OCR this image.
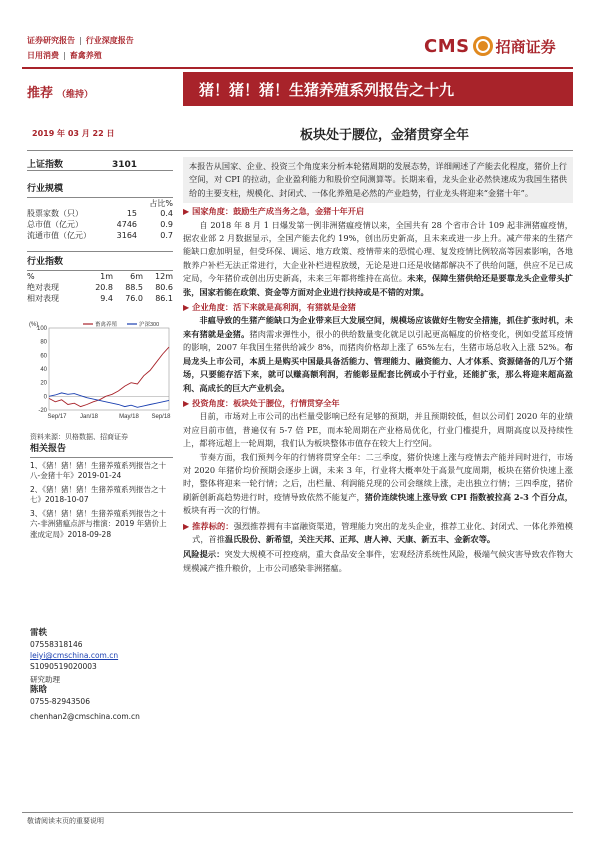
证券研究报告 | 行业深度报告
日用消费 | 畜禽养殖	CMS 招商证券
推荐 （维持）	猪！猪！猪！生猪养殖系列报告之十九
2019 年 03 月 22 日	板块处于腰位，金猪贯穿全年
上证指数	3101
行业规模
占比%
股票家数（只）	15	0.4
总市值（亿元）	4746	0.9
流通市值（亿元）	3164	0.7
行业指数
%	1m	6m	12m
绝对表现	20.8	88.5	80.6
相对表现	9.4	76.0	86.1
100
80
60
40
20
0
-20
(%)
Sep/17 Jan/18	May/18 Sep/18
畜禽养殖	沪深300
资料来源：贝格数据、招商证券
相关报告
1、《猪！猪！猪！生猪养殖系列报告之十八-金猪十年》2019-01-24
2、《猪！猪！猪！生猪养殖系列报告之十七》2018-10-07
3、《猪！猪！猪！生猪养殖系列报告之十六-非洲猪瘟点評与推演：2019 年猪价上涨成定局》2018-09-28
雷轶
07558318146
leiyi@cmschina.com.cn
S1090519020003
研究助理
陈晗
0755-82943506
chenhan2@cmschina.com.cn
本报告从国家、企业、投资三个角度来分析本轮猪周期的发展态势，详细阐述了产能去化程度，猪价上行空间，对 CPI 的拉动，企业盈利能力和股价空间测算等。长期来看，龙头企业必然快速成为我国生猪供给的主要支柱，规模化、封闭式、一体化养殖是必然的产业趋势，行业龙头将迎来“金猪十年”。
▶ 国家角度：鼓励生产成当务之急，金猪十年开启
自 2018 年 8 月 1 日爆发第一例非洲猪瘟疫情以来，全国共有 28 个省市合计 109 起非洲猪瘟疫情，据农业部 2 月数据显示，全国产能去化约 19%，创出历史新高，且未来或进一步上升。减产带来的生猪产能缺口愈加明显，但受环保、调运、地方政策、疫情带来的恐慌心理、复发疫情比例较高等因素影响，各地散养户补栏无法正常进行，大企业补栏进程放缓，无论是进口还是收储都解决不了供给问题，供应不足已成定局，今年猪价或创出历史新高，未来三年都将维持在高位。未来，保障生猪供给还是要靠龙头企业带头扩张，国家若能在政策、资金等方面对企业进行扶持或是不错的对策。
▶ 企业角度：活下来就是高利润，有猪就是金猪
非瘟导致的生猪产能缺口为企业带来巨大发展空间，规模场应该做好生物安全措施，抓住扩张时机，未来有猪就是金猪。猪肉需求弹性小，很小的供给数量变化就足以引起更高幅度的价格变化，例如受蓝耳疫情的影响，2007 年我国生猪供给减少 8%，而猪肉价格却上涨了 65%左右，生猪市场总收入上涨 52%。布局龙头上市公司，本质上是购买中国最具备活能力、管理能力、融资能力、人才体系、资源储备的几万个猪场，只要能存活下来，就可以赚高额利润，若能彰显配套比例或小于行业，还能扩张，那么将迎来超高盈利、高成长的巨大产业机会。
▶ 投资角度：板块处于腰位，行情贯穿全年
目前，市场对上市公司的出栏量受影响已经有足够的预期，并且预期较低，但以公司们 2020 年的业绩对应目前市值，普遍仅有 5-7 倍 PE，而本轮周期在产业格局优化，行业门槛提升，周期高度以及持续性上，都将远超上一轮周期，我们认为板块整体市值存在较大上行空间。
节奏方面，我们预判今年的行情将贯穿全年：二三季度，猪价快速上涨与疫情去产能并同时进行，市场对 2020 年猪价均价预期会逐步上调，未来 3 年，行业将大概率处于高景气度周期，板块在猪价快速上涨时，整体将迎来一轮行情；之后，出栏量、利润能兑现的公司会继续上涨，走出独立行情；三四季度，猪价刷新创新高趋势进行时，疫情导致依然不能复产，猪价连续快速上涨导致 CPI 指数被拉高 2-3 个百分点，板块有再一次的行情。
▶ 推荐标的：强烈推荐拥有丰富融资渠道，管理能力突出的龙头企业，推荐工业化、封闭式、一体化养殖模式，首推温氏股份、新希望，关注天邦、正邦、唐人神、天康、新五丰、金新农等。
风险提示：突发大规模不可控疫病，重大食品安全事件，宏观经济系统性风险，极端气候灾害导致农作物大规模减产推升粮价，上市公司感染非洲猪瘟。
敬请阅读末页的重要说明
